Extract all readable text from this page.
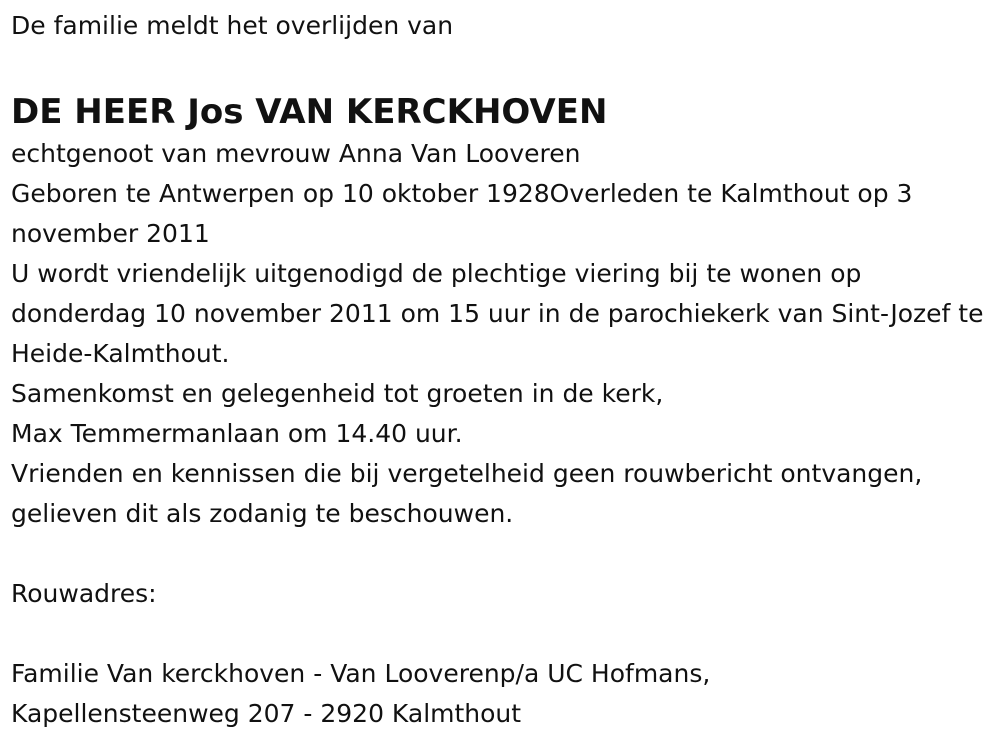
De familie meldt het overlijden van

DE HEER Jos VAN KERCKHOVEN

echtgenoot van mevrouw Anna Van Looveren

Geboren te Antwerpen op 10 oktober 1928Overleden te Kalmthout op 3 november 2011

U wordt vriendelijk uitgenodigd de plechtige viering bij te wonen op donderdag 10 november 2011 om 15 uur in de parochiekerk van Sint-Jozef te Heide-Kalmthout.

Samenkomst en gelegenheid tot groeten in de kerk,

Max Temmermanlaan om 14.40 uur.

Vrienden en kennissen die bij vergetelheid geen rouwbericht ontvangen, gelieven dit als zodanig te beschouwen.

Rouwadres:

Familie Van kerckhoven - Van Looverenp/a UC Hofmans,

Kapellensteenweg 207 - 2920 Kalmthout
